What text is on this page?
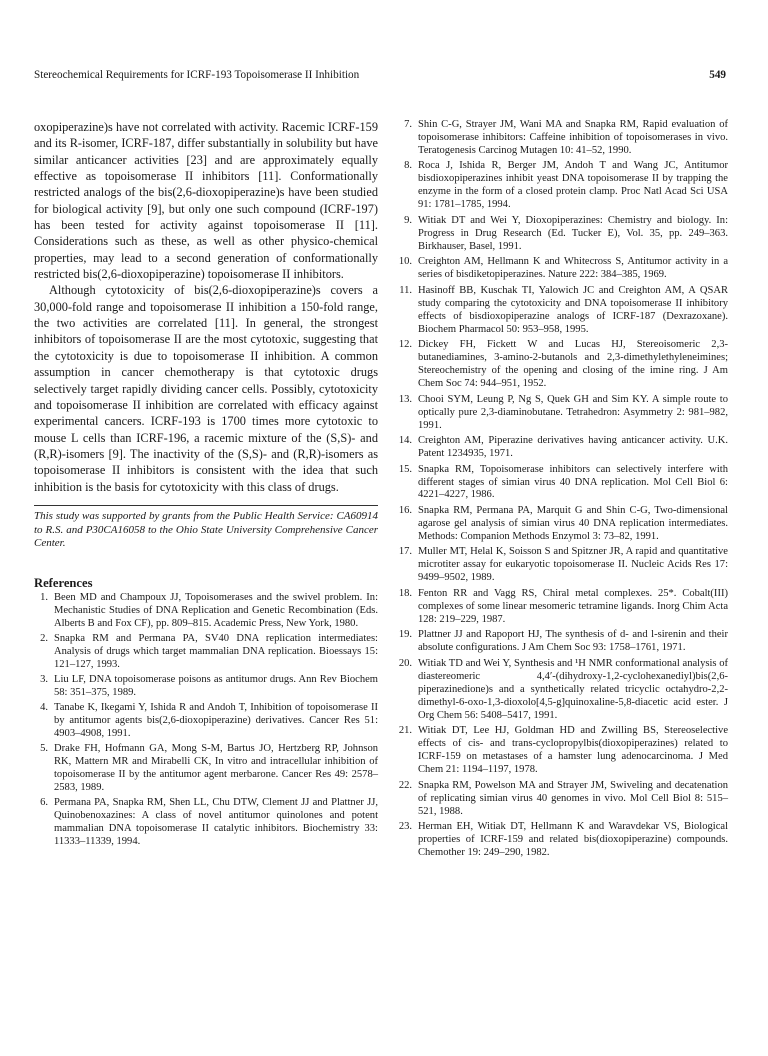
Stereochemical Requirements for ICRF-193 Topoisomerase II Inhibition	549

oxopiperazine)s have not correlated with activity. Racemic ICRF-159 and its R-isomer, ICRF-187, differ substantially in solubility but have similar anticancer activities [23] and are approximately equally effective as topoisomerase II inhibitors [11]. Conformationally restricted analogs of the bis(2,6-dioxopiperazine)s have been studied for biological activity [9], but only one such compound (ICRF-197) has been tested for activity against topoisomerase II [11]. Considerations such as these, as well as other physico-chemical properties, may lead to a second generation of conformationally restricted bis(2,6-dioxopiperazine) topoisomerase II inhibitors.

Although cytotoxicity of bis(2,6-dioxopiperazine)s covers a 30,000-fold range and topoisomerase II inhibition a 150-fold range, the two activities are correlated [11]. In general, the strongest inhibitors of topoisomerase II are the most cytotoxic, suggesting that the cytotoxicity is due to topoisomerase II inhibition. A common assumption in cancer chemotherapy is that cytotoxic drugs selectively target rapidly dividing cancer cells. Possibly, cytotoxicity and topoisomerase II inhibition are correlated with efficacy against experimental cancers. ICRF-193 is 1700 times more cytotoxic to mouse L cells than ICRF-196, a racemic mixture of the (S,S)- and (R,R)-isomers [9]. The inactivity of the (S,S)- and (R,R)-isomers as topoisomerase II inhibitors is consistent with the idea that such inhibition is the basis for cytotoxicity with this class of drugs.

This study was supported by grants from the Public Health Service: CA60914 to R.S. and P30CA16058 to the Ohio State University Comprehensive Cancer Center.

References
1. Been MD and Champoux JJ, Topoisomerases and the swivel problem. In: Mechanistic Studies of DNA Replication and Genetic Recombination (Eds. Alberts B and Fox CF), pp. 809–815. Academic Press, New York, 1980.
2. Snapka RM and Permana PA, SV40 DNA replication intermediates: Analysis of drugs which target mammalian DNA replication. Bioessays 15: 121–127, 1993.
3. Liu LF, DNA topoisomerase poisons as antitumor drugs. Ann Rev Biochem 58: 351–375, 1989.
4. Tanabe K, Ikegami Y, Ishida R and Andoh T, Inhibition of topoisomerase II by antitumor agents bis(2,6-dioxopiperazine) derivatives. Cancer Res 51: 4903–4908, 1991.
5. Drake FH, Hofmann GA, Mong S-M, Bartus JO, Hertzberg RP, Johnson RK, Mattern MR and Mirabelli CK, In vitro and intracellular inhibition of topoisomerase II by the antitumor agent merbarone. Cancer Res 49: 2578–2583, 1989.
6. Permana PA, Snapka RM, Shen LL, Chu DTW, Clement JJ and Plattner JJ, Quinobenoxazines: A class of novel antitumor quinolones and potent mammalian DNA topoisomerase II catalytic inhibitors. Biochemistry 33: 11333–11339, 1994.
7. Shin C-G, Strayer JM, Wani MA and Snapka RM, Rapid evaluation of topoisomerase inhibitors: Caffeine inhibition of topoisomerases in vivo. Teratogenesis Carcinog Mutagen 10: 41–52, 1990.
8. Roca J, Ishida R, Berger JM, Andoh T and Wang JC, Antitumor bisdioxopiperazines inhibit yeast DNA topoisomerase II by trapping the enzyme in the form of a closed protein clamp. Proc Natl Acad Sci USA 91: 1781–1785, 1994.
9. Witiak DT and Wei Y, Dioxopiperazines: Chemistry and biology. In: Progress in Drug Research (Ed. Tucker E), Vol. 35, pp. 249–363. Birkhauser, Basel, 1991.
10. Creighton AM, Hellmann K and Whitecross S, Antitumor activity in a series of bisdiketopiperazines. Nature 222: 384–385, 1969.
11. Hasinoff BB, Kuschak TI, Yalowich JC and Creighton AM, A QSAR study comparing the cytotoxicity and DNA topoisomerase II inhibitory effects of bisdioxopiperazine analogs of ICRF-187 (Dexrazoxane). Biochem Pharmacol 50: 953–958, 1995.
12. Dickey FH, Fickett W and Lucas HJ, Stereoisomeric 2,3-butanediamines, 3-amino-2-butanols and 2,3-dimethylethyleneimines; Stereochemistry of the opening and closing of the imine ring. J Am Chem Soc 74: 944–951, 1952.
13. Chooi SYM, Leung P, Ng S, Quek GH and Sim KY. A simple route to optically pure 2,3-diaminobutane. Tetrahedron: Asymmetry 2: 981–982, 1991.
14. Creighton AM, Piperazine derivatives having anticancer activity. U.K. Patent 1234935, 1971.
15. Snapka RM, Topoisomerase inhibitors can selectively interfere with different stages of simian virus 40 DNA replication. Mol Cell Biol 6: 4221–4227, 1986.
16. Snapka RM, Permana PA, Marquit G and Shin C-G, Two-dimensional agarose gel analysis of simian virus 40 DNA replication intermediates. Methods: Companion Methods Enzymol 3: 73–82, 1991.
17. Muller MT, Helal K, Soisson S and Spitzner JR, A rapid and quantitative microtiter assay for eukaryotic topoisomerase II. Nucleic Acids Res 17: 9499–9502, 1989.
18. Fenton RR and Vagg RS, Chiral metal complexes. 25*. Cobalt(III) complexes of some linear mesomeric tetramine ligands. Inorg Chim Acta 128: 219–229, 1987.
19. Plattner JJ and Rapoport HJ, The synthesis of d- and l-sirenin and their absolute configurations. J Am Chem Soc 93: 1758–1761, 1971.
20. Witiak TD and Wei Y, Synthesis and ¹H NMR conformational analysis of diastereomeric 4,4′-(dihydroxy-1,2-cyclohexanediyl)bis(2,6-piperazinedione)s and a synthetically related tricyclic octahydro-2,2-dimethyl-6-oxo-1,3-dioxolo[4,5-g]quinoxaline-5,8-diacetic acid ester. J Org Chem 56: 5408–5417, 1991.
21. Witiak DT, Lee HJ, Goldman HD and Zwilling BS, Stereoselective effects of cis- and trans-cyclopropylbis(dioxopiperazines) related to ICRF-159 on metastases of a hamster lung adenocarcinoma. J Med Chem 21: 1194–1197, 1978.
22. Snapka RM, Powelson MA and Strayer JM, Swiveling and decatenation of replicating simian virus 40 genomes in vivo. Mol Cell Biol 8: 515–521, 1988.
23. Herman EH, Witiak DT, Hellmann K and Waravdekar VS, Biological properties of ICRF-159 and related bis(dioxopiperazine) compounds. Chemother 19: 249–290, 1982.
